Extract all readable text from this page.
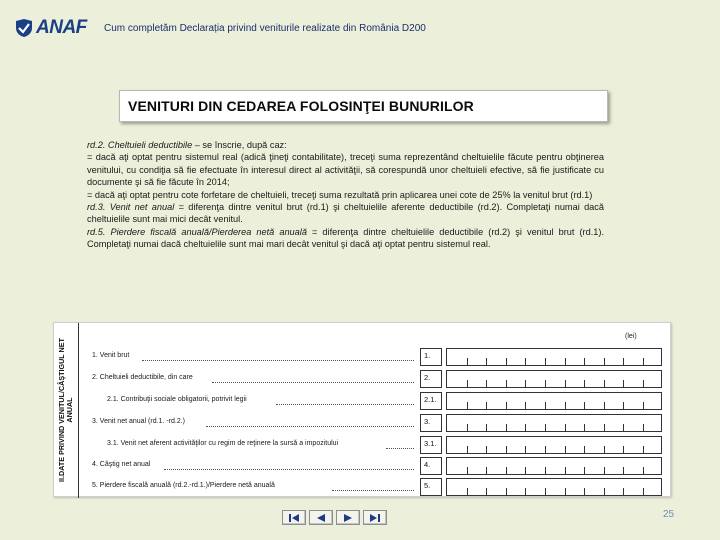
ANAF Cum completăm Declarația privind veniturile realizate din România D200
VENITURI DIN CEDAREA FOLOSINŢEI BUNURILOR

rd.2. Cheltuieli deductibile – se înscrie, după caz:

= dacă aţi optat pentru sistemul real (adică ţineţi contabilitate), treceţi suma reprezentând cheltuielile făcute pentru obţinerea venitului, cu condiţia să fie efectuate în interesul direct al activităţii, să corespundă unor cheltuieli efective, să fie justificate cu documente şi să fie făcute în 2014;

= dacă aţi optat pentru cote forfetare de cheltuieli, treceţi suma rezultată prin aplicarea unei cote de 25% la venitul brut (rd.1)

rd.3. Venit net anual = diferenţa dintre venitul brut (rd.1) şi cheltuielile aferente deductibile (rd.2). Completaţi numai dacă cheltuielile sunt mai mici decât venitul.

rd.5. Pierdere fiscală anuală/Pierderea netă anuală = diferenţa dintre cheltuielile deductibile (rd.2) şi venitul brut (rd.1). Completaţi numai dacă cheltuielile sunt mai mari decât venitul şi dacă aţi optat pentru sistemul real.

II.DATE PRIVIND VENITUL/CÂŞTIGUL NET ANUAL
(lei)
1. Venit brut	1.
2. Cheltuieli deductibile, din care	2.
2.1. Contribuţii sociale obligatorii, potrivit legii	2.1.
3. Venit net anual (rd.1. -rd.2.)	3.
3.1. Venit net aferent activităţilor cu regim de reţinere la sursă a impozitului	3.1.
4. Câştig net anual	4.
5. Pierdere fiscală anuală (rd.2.-rd.1.)/Pierdere netă anuală	5.
25
